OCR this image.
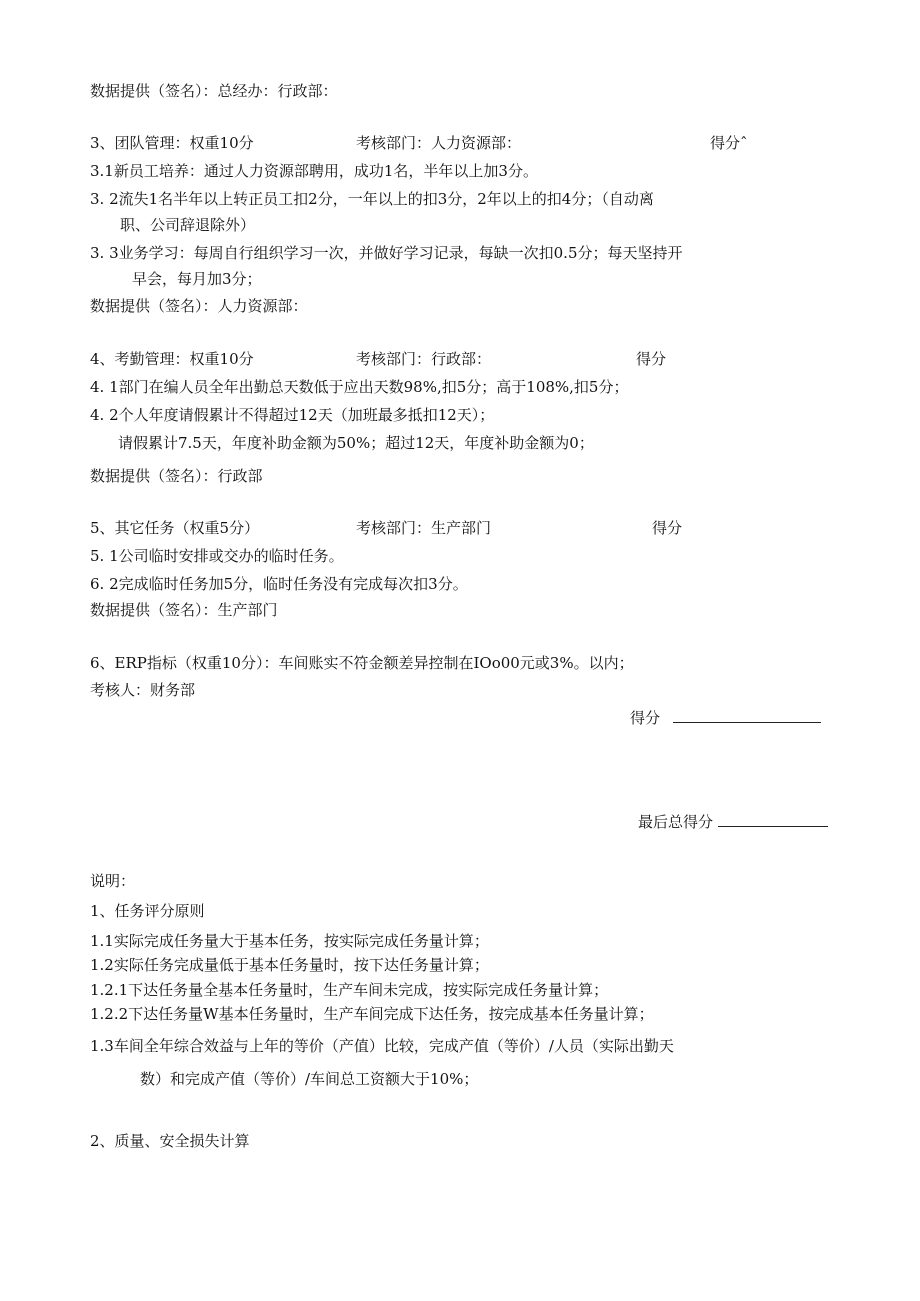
数据提供（签名）：总经办：行政部：
3、团队管理：权重10分	考核部门：人力资源部：	得分ˆ
3.1新员工培养：通过人力资源部聘用，成功1名，半年以上加3分。
3. 2流失1名半年以上转正员工扣2分，一年以上的扣3分，2年以上的扣4分；（自动离
职、公司辞退除外）
3. 3业务学习：每周自行组织学习一次，并做好学习记录，每缺一次扣0.5分；每天坚持开
早会，每月加3分；
数据提供（签名）：人力资源部：
4、考勤管理：权重10分	考核部门：行政部：	得分
4. 1部门在编人员全年出勤总天数低于应出天数98%,扣5分；高于108%,扣5分；
4. 2个人年度请假累计不得超过12天（加班最多抵扣12天）；
请假累计7.5天，年度补助金额为50%；超过12天，年度补助金额为0；
数据提供（签名）：行政部
5、其它任务（权重5分）	考核部门：生产部门	得分
5. 1公司临时安排或交办的临时任务。
6. 2完成临时任务加5分，临时任务没有完成每次扣3分。
数据提供（签名）：生产部门
6、ERP指标（权重10分）：车间账实不符金额差异控制在IOo00元或3%。以内；
考核人：财务部
得分
最后总得分
说明：
1、任务评分原则
1.1实际完成任务量大于基本任务，按实际完成任务量计算；
1.2实际任务完成量低于基本任务量时，按下达任务量计算；
1.2.1下达任务量全基本任务量时，生产车间未完成，按实际完成任务量计算；
1.2.2下达任务量W基本任务量时，生产车间完成下达任务，按完成基本任务量计算；
1.3车间全年综合效益与上年的等价（产值）比较，完成产值（等价）/人员（实际出勤天
数）和完成产值（等价）/车间总工资额大于10%；
2、质量、安全损失计算
